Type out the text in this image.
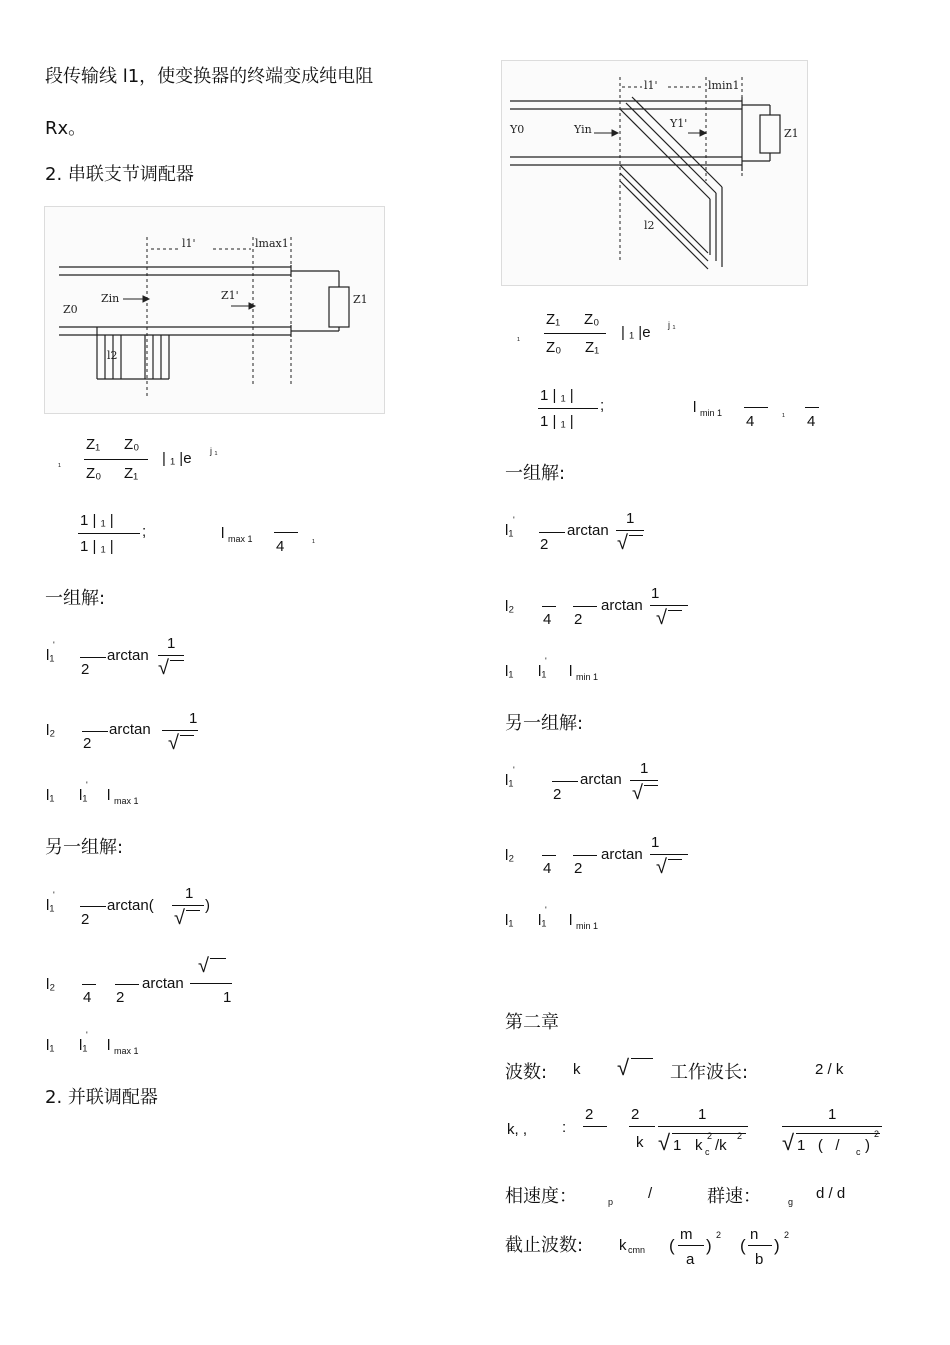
段传输线 l1，使变换器的终端变成纯电阻
Rx。
2. 串联支节调配器
l1'	lmax1
Z0
Zin	Z1'	Z1
l2
₁
Z₁ Z₀
Z₀ Z₁
| ₁ |e j ₁
1 | ₁ |
1 | ₁ |
;	l max 1 4	₁
一组解:
l₁
'
2
arctan
1
√
l₂
2
arctan
1
√
l₁ l₁
'
l max 1
另一组解:
l₁
'
2
arctan(
1
√
)
l₂
4 2
arctan
√
1
l₁ l₁
'
l max 1
2. 并联调配器
l1'	lmin1
Y0	Yin	Y1'
Z1
l2
₁
Z₁ Z₀
Z₀ Z₁
| ₁ |e j ₁
1 | ₁ |
1 | ₁ |
;	l min 1 4	₁ 4
一组解:
l₁
'
2
arctan
1
√
l₂
4 2
arctan
1
√
l₁ l₁
'
l min 1
另一组解:
l₁
'
2
arctan
1
√
l₂
4 2
arctan
1
√
l₁ l₁
'
l min 1
第二章
波数: k √ 工作波长:	2 / k
k, , :
2	2
k
1
√ 1 k c
2
/k
2
1
√ 1   (   / c )
2
相速度：	p /	群速：	g d / d
截止波数: k cmn (
m
a
)
2
(
n
b
)
2
